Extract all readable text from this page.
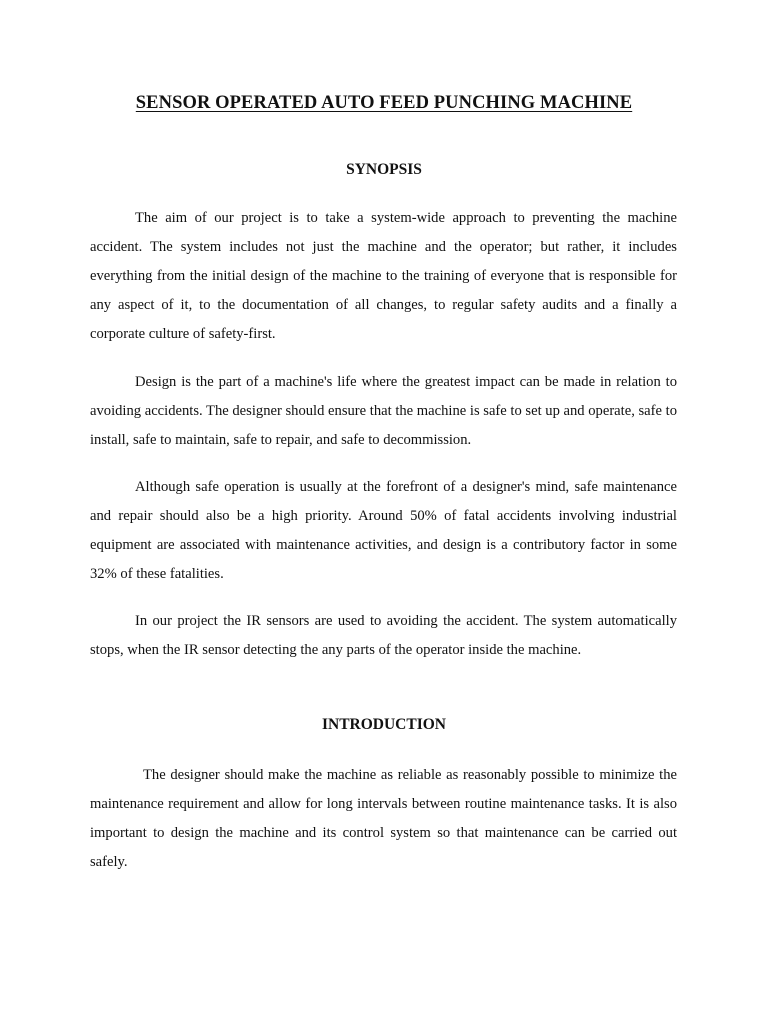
SENSOR OPERATED AUTO FEED PUNCHING MACHINE
SYNOPSIS

The aim of our project is to take a system-wide approach to preventing the machine accident. The system includes not just the machine and the operator; but rather, it includes everything from the initial design of the machine to the training of everyone that is responsible for any aspect of it, to the documentation of all changes, to regular safety audits and a finally a corporate culture of safety-first.

Design is the part of a machine's life where the greatest impact can be made in relation to avoiding accidents. The designer should ensure that the machine is safe to set up and operate, safe to install, safe to maintain, safe to repair, and safe to decommission.

Although safe operation is usually at the forefront of a designer's mind, safe maintenance and repair should also be a high priority. Around 50% of fatal accidents involving industrial equipment are associated with maintenance activities, and design is a contributory factor in some 32% of these fatalities.

In our project the IR sensors are used to avoiding the accident. The system automatically stops, when the IR sensor detecting the any parts of the operator inside the machine.

INTRODUCTION

The designer should make the machine as reliable as reasonably possible to minimize the maintenance requirement and allow for long intervals between routine maintenance tasks. It is also important to design the machine and its control system so that maintenance can be carried out safely.
